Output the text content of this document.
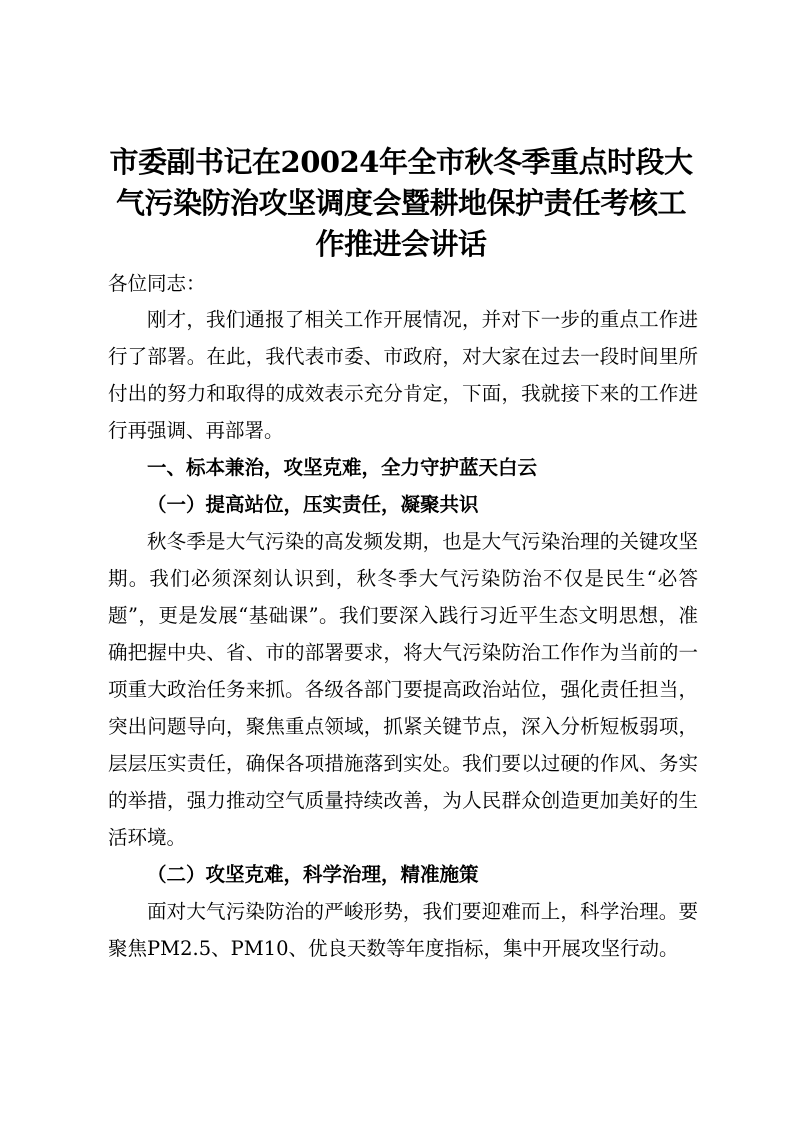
市委副书记在20024年全市秋冬季重点时段大气污染防治攻坚调度会暨耕地保护责任考核工作推进会讲话

各位同志：

刚才，我们通报了相关工作开展情况，并对下一步的重点工作进行了部署。在此，我代表市委、市政府，对大家在过去一段时间里所付出的努力和取得的成效表示充分肯定，下面，我就接下来的工作进行再强调、再部署。

一、标本兼治，攻坚克难，全力守护蓝天白云

（一）提高站位，压实责任，凝聚共识

秋冬季是大气污染的高发频发期，也是大气污染治理的关键攻坚期。我们必须深刻认识到，秋冬季大气污染防治不仅是民生“必答题”，更是发展“基础课”。我们要深入践行习近平生态文明思想，准确把握中央、省、市的部署要求，将大气污染防治工作作为当前的一项重大政治任务来抓。各级各部门要提高政治站位，强化责任担当，突出问题导向，聚焦重点领域，抓紧关键节点，深入分析短板弱项，层层压实责任，确保各项措施落到实处。我们要以过硬的作风、务实的举措，强力推动空气质量持续改善，为人民群众创造更加美好的生活环境。

（二）攻坚克难，科学治理，精准施策

面对大气污染防治的严峻形势，我们要迎难而上，科学治理。要聚焦PM2.5、PM10、优良天数等年度指标，集中开展攻坚行动。
